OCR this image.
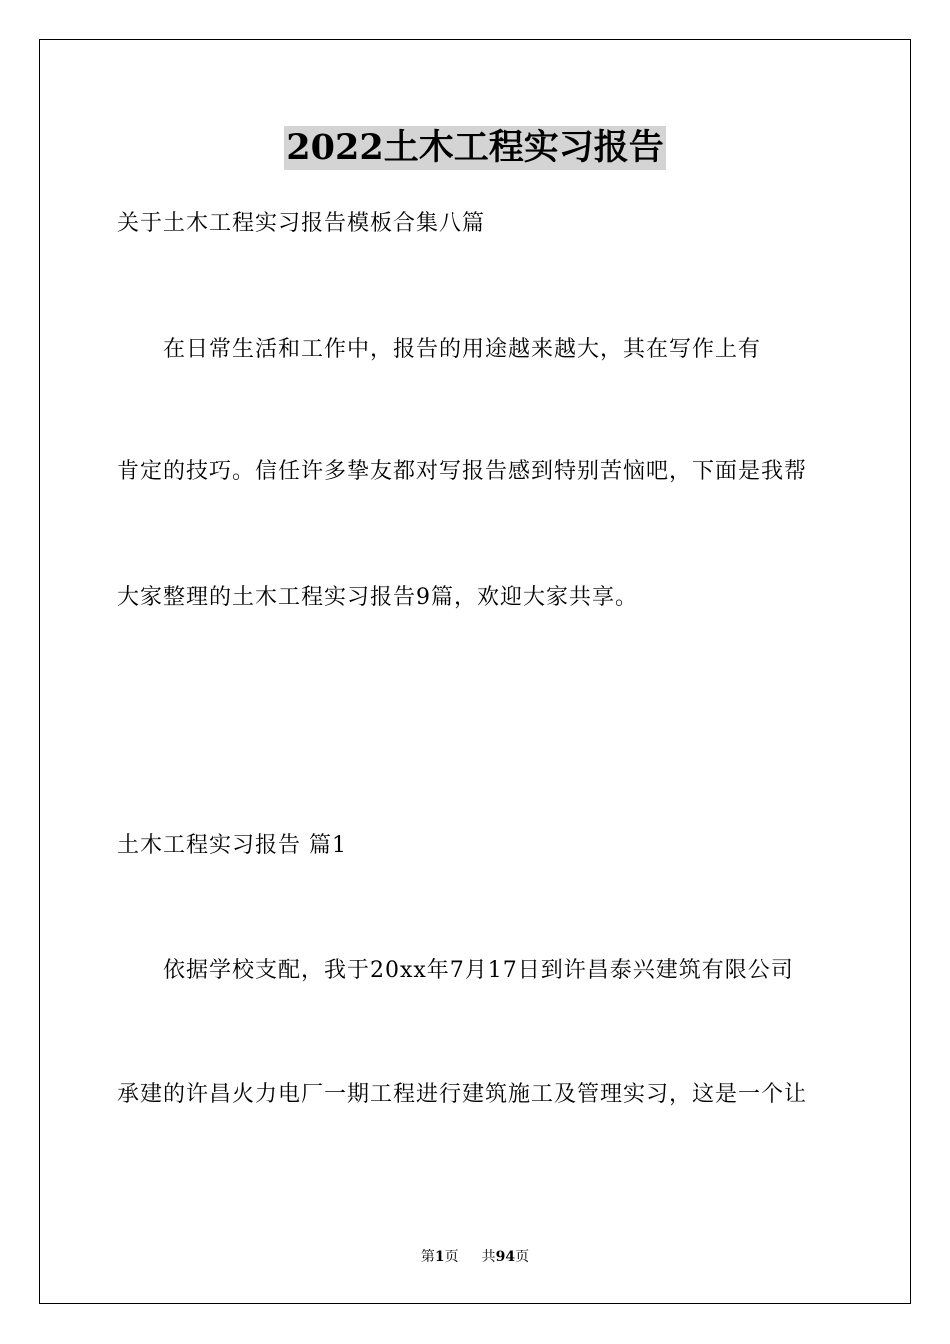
2022土木工程实习报告
关于土木工程实习报告模板合集八篇
　　在日常生活和工作中，报告的用途越来越大，其在写作上有
肯定的技巧。信任许多挚友都对写报告感到特别苦恼吧，下面是我帮
大家整理的土木工程实习报告9篇，欢迎大家共享。
土木工程实习报告 篇1
　　依据学校支配，我于20xx年7月17日到许昌泰兴建筑有限公司
承建的许昌火力电厂一期工程进行建筑施工及管理实习，这是一个让
第1页 共94页
